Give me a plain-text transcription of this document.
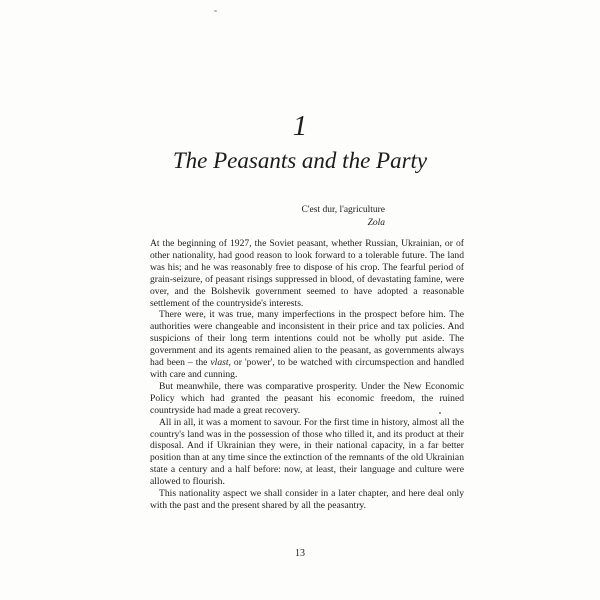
1
The Peasants and the Party
C'est dur, l'agriculture
Zola

At the beginning of 1927, the Soviet peasant, whether Russian, Ukrainian, or of other nationality, had good reason to look forward to a tolerable future. The land was his; and he was reasonably free to dispose of his crop. The fearful period of grain-seizure, of peasant risings suppressed in blood, of devastating famine, were over, and the Bolshevik government seemed to have adopted a reasonable settlement of the countryside's interests.

There were, it was true, many imperfections in the prospect before him. The authorities were changeable and inconsistent in their price and tax policies. And suspicions of their long term intentions could not be wholly put aside. The government and its agents remained alien to the peasant, as governments always had been – the vlast, or 'power', to be watched with circumspection and handled with care and cunning.

But meanwhile, there was comparative prosperity. Under the New Economic Policy which had granted the peasant his economic freedom, the ruined countryside had made a great recovery.

All in all, it was a moment to savour. For the first time in history, almost all the country's land was in the possession of those who tilled it, and its product at their disposal. And if Ukrainian they were, in their national capacity, in a far better position than at any time since the extinction of the remnants of the old Ukrainian state a century and a half before: now, at least, their language and culture were allowed to flourish.

This nationality aspect we shall consider in a later chapter, and here deal only with the past and the present shared by all the peasantry.

13
